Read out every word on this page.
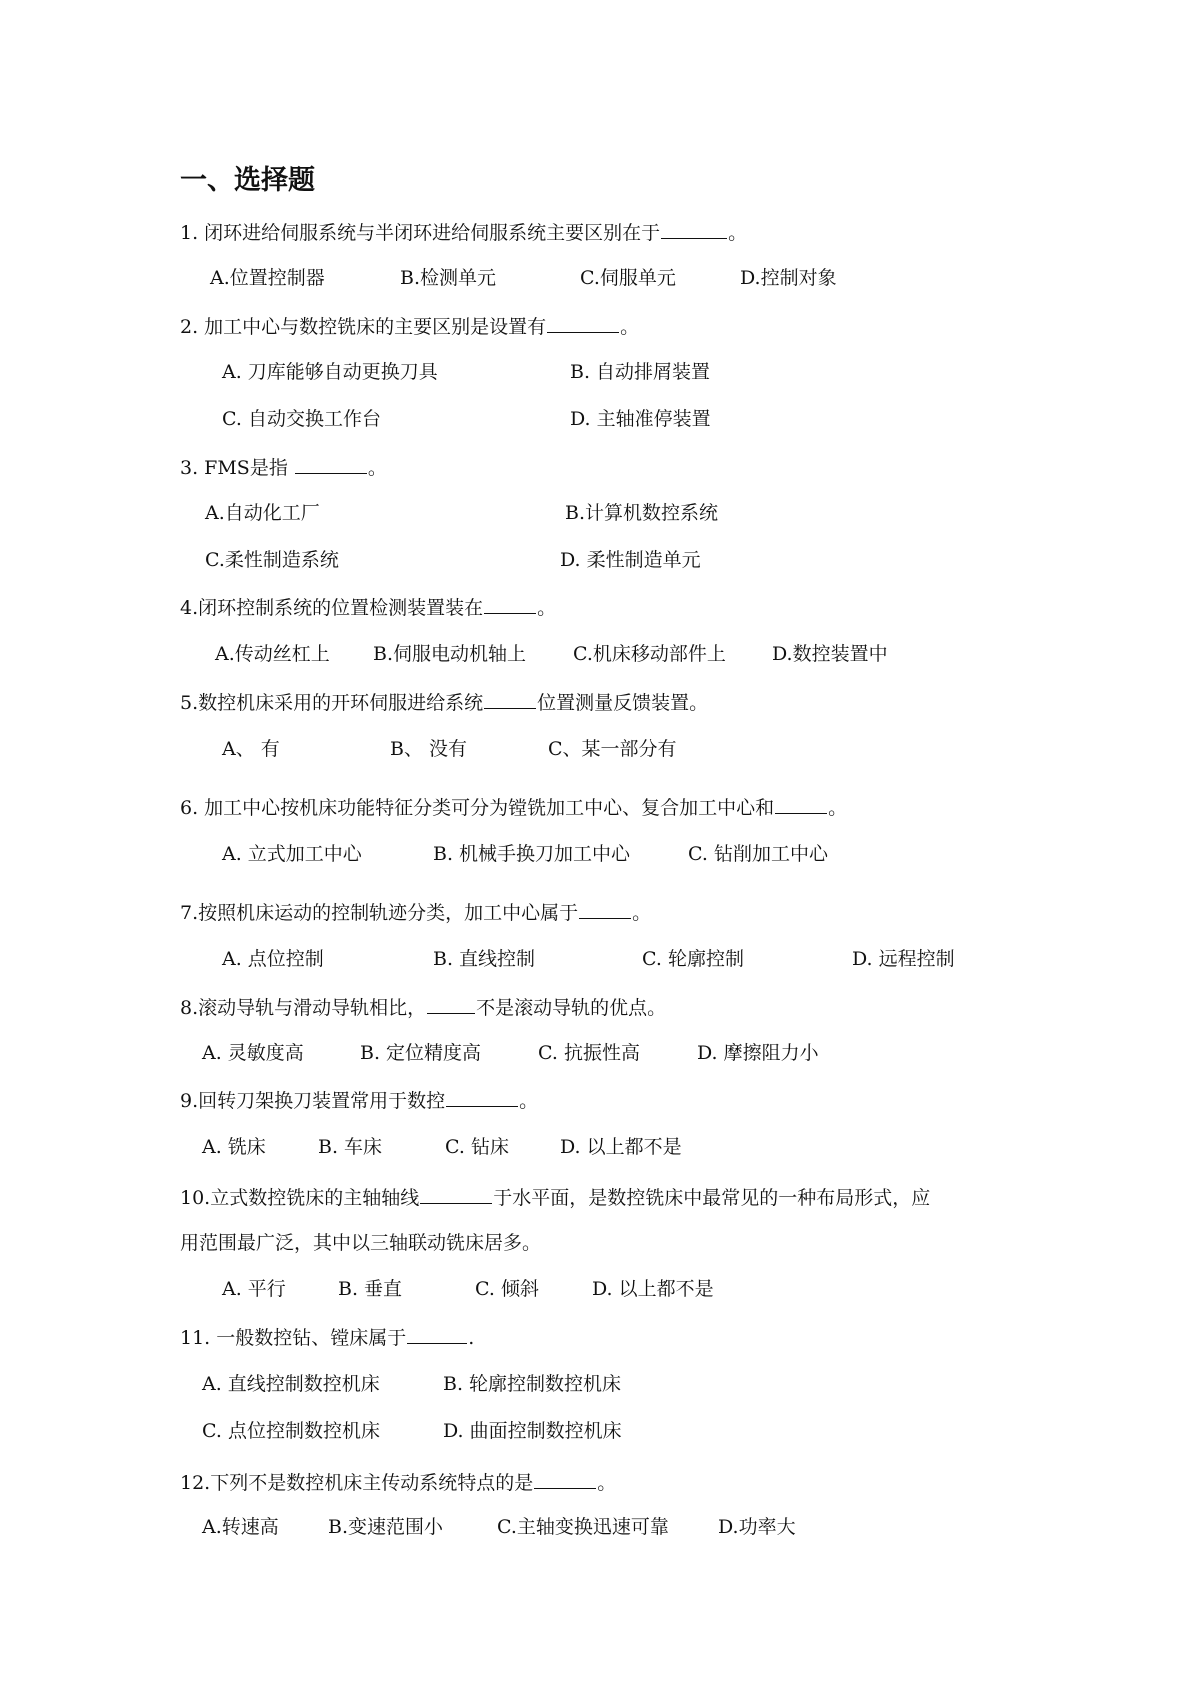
一、选择题
1. 闭环进给伺服系统与半闭环进给伺服系统主要区别在于	。
A.位置控制器	B.检测单元	C.伺服单元	D.控制对象
2. 加工中心与数控铣床的主要区别是设置有	。
A. 刀库能够自动更换刀具	B. 自动排屑装置
C. 自动交换工作台	D. 主轴准停装置
3. FMS是指	。
A.自动化工厂	B.计算机数控系统
C.柔性制造系统	D. 柔性制造单元
4.闭环控制系统的位置检测装置装在	。
A.传动丝杠上 B.伺服电动机轴上 C.机床移动部件上 D.数控装置中
5.数控机床采用的开环伺服进给系统	位置测量反馈装置。
A、 有	B、 没有	C、某一部分有
6. 加工中心按机床功能特征分类可分为镗铣加工中心、复合加工中心和	。
A. 立式加工中心	B. 机械手换刀加工中心	C. 钻削加工中心
7.按照机床运动的控制轨迹分类，加工中心属于	。
A. 点位控制	B. 直线控制	C. 轮廓控制	D. 远程控制
8.滚动导轨与滑动导轨相比，	不是滚动导轨的优点。
A. 灵敏度高	B. 定位精度高	C. 抗振性高	D. 摩擦阻力小
9.回转刀架换刀装置常用于数控	。
A. 铣床	B. 车床	C. 钻床	D. 以上都不是
10.立式数控铣床的主轴轴线	于水平面，是数控铣床中最常见的一种布局形式，应
用范围最广泛，其中以三轴联动铣床居多。
A. 平行	B. 垂直	C. 倾斜	D. 以上都不是
11. 一般数控钻、镗床属于	.
A. 直线控制数控机床	B. 轮廓控制数控机床
C. 点位控制数控机床	D. 曲面控制数控机床
12.下列不是数控机床主传动系统特点的是	。
A.转速高	B.变速范围小	C.主轴变换迅速可靠	D.功率大
